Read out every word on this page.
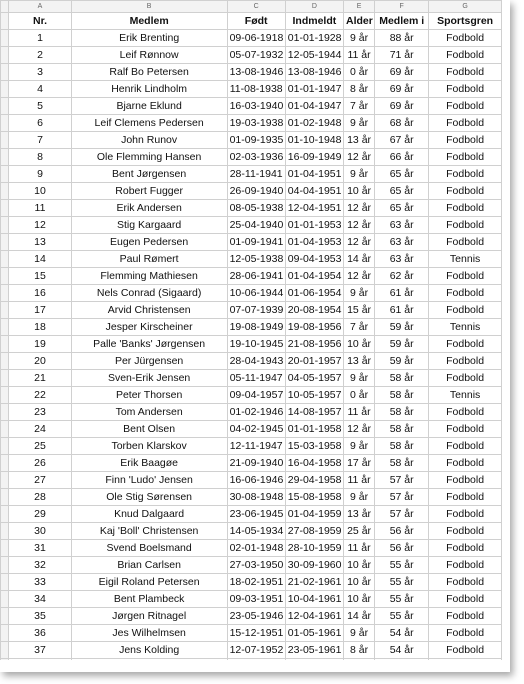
	A	B	C	D	E	F	G
	Nr.	Medlem	Født	Indmeldt	Alder	Medlem i	Sportsgren
	1	Erik Brenting	09-06-1918	01-01-1928	9 år	88 år	Fodbold
	2	Leif Rønnow	05-07-1932	12-05-1944	11 år	71 år	Fodbold
	3	Ralf Bo Petersen	13-08-1946	13-08-1946	0 år	69 år	Fodbold
	4	Henrik Lindholm	11-08-1938	01-01-1947	8 år	69 år	Fodbold
	5	Bjarne Eklund	16-03-1940	01-04-1947	7 år	69 år	Fodbold
	6	Leif Clemens Pedersen	19-03-1938	01-02-1948	9 år	68 år	Fodbold
	7	John Runov	01-09-1935	01-10-1948	13 år	67 år	Fodbold
	8	Ole Flemming Hansen	02-03-1936	16-09-1949	12 år	66 år	Fodbold
	9	Bent Jørgensen	28-11-1941	01-04-1951	9 år	65 år	Fodbold
	10	Robert Fugger	26-09-1940	04-04-1951	10 år	65 år	Fodbold
	11	Erik Andersen	08-05-1938	12-04-1951	12 år	65 år	Fodbold
	12	Stig Kargaard	25-04-1940	01-01-1953	12 år	63 år	Fodbold
	13	Eugen Pedersen	01-09-1941	01-04-1953	12 år	63 år	Fodbold
	14	Paul Rømert	12-05-1938	09-04-1953	14 år	63 år	Tennis
	15	Flemming Mathiesen	28-06-1941	01-04-1954	12 år	62 år	Fodbold
	16	Nels Conrad (Sigaard)	10-06-1944	01-06-1954	9 år	61 år	Fodbold
	17	Arvid Christensen	07-07-1939	20-08-1954	15 år	61 år	Fodbold
	18	Jesper Kirscheiner	19-08-1949	19-08-1956	7 år	59 år	Tennis
	19	Palle 'Banks' Jørgensen	19-10-1945	21-08-1956	10 år	59 år	Fodbold
	20	Per Jürgensen	28-04-1943	20-01-1957	13 år	59 år	Fodbold
	21	Sven-Erik Jensen	05-11-1947	04-05-1957	9 år	58 år	Fodbold
	22	Peter Thorsen	09-04-1957	10-05-1957	0 år	58 år	Tennis
	23	Tom Andersen	01-02-1946	14-08-1957	11 år	58 år	Fodbold
	24	Bent Olsen	04-02-1945	01-01-1958	12 år	58 år	Fodbold
	25	Torben Klarskov	12-11-1947	15-03-1958	9 år	58 år	Fodbold
	26	Erik Baagøe	21-09-1940	16-04-1958	17 år	58 år	Fodbold
	27	Finn 'Ludo' Jensen	16-06-1946	29-04-1958	11 år	57 år	Fodbold
	28	Ole Stig Sørensen	30-08-1948	15-08-1958	9 år	57 år	Fodbold
	29	Knud Dalgaard	23-06-1945	01-04-1959	13 år	57 år	Fodbold
	30	Kaj 'Boll' Christensen	14-05-1934	27-08-1959	25 år	56 år	Fodbold
	31	Svend Boelsmand	02-01-1948	28-10-1959	11 år	56 år	Fodbold
	32	Brian Carlsen	27-03-1950	30-09-1960	10 år	55 år	Fodbold
	33	Eigil Roland Petersen	18-02-1951	21-02-1961	10 år	55 år	Fodbold
	34	Bent Plambeck	09-03-1951	10-04-1961	10 år	55 år	Fodbold
	35	Jørgen Ritnagel	23-05-1946	12-04-1961	14 år	55 år	Fodbold
	36	Jes Wilhelmsen	15-12-1951	01-05-1961	9 år	54 år	Fodbold
	37	Jens Kolding	12-07-1952	23-05-1961	8 år	54 år	Fodbold
